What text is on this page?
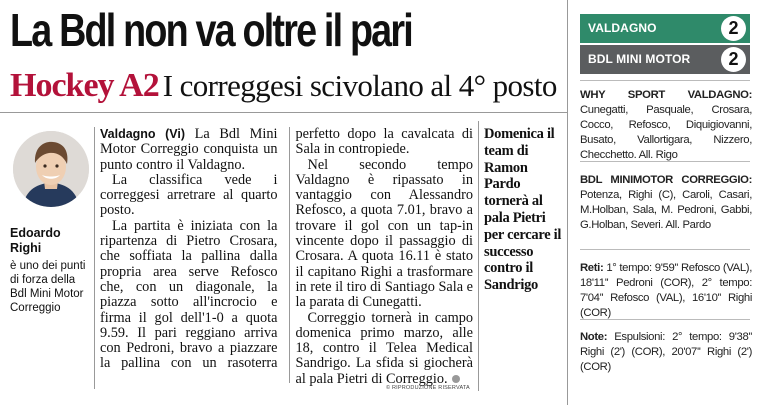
La Bdl non va oltre il pari
Hockey A2 I correggesi scivolano al 4° posto
Edoardo
Righi
è uno dei punti di forza della Bdl Mini Motor Correggio

Valdagno (Vi) La Bdl Mini Motor Correggio conquista un punto contro il Valdagno.

La classifica vede i correggesi arretrare al quarto posto.

La partita è iniziata con la ripartenza di Pietro Crosara, che soffiata la pallina dalla propria area serve Refosco che, con un diagonale, la piazza sotto all'incrocio e firma il gol dell'1-0 a quota 9.59. Il pari reggiano arriva con Pedroni, bravo a piazzare la pallina con un rasoterra perfetto dopo la cavalcata di Sala in contropiede.

Nel secondo tempo Valdagno è ripassato in vantaggio con Alessandro Refosco, a quota 7.01, bravo a trovare il gol con un tap-in vincente dopo il passaggio di Crosara. A quota 16.11 è stato il capitano Righi a trasformare in rete il tiro di Santiago Sala e la parata di Cunegatti.

Correggio tornerà in campo domenica primo marzo, alle 18, contro il Telea Medical Sandrigo. La sfida si giocherà al pala Pietri di Correggio.

Domenica il team di Ramon Pardo tornerà al pala Pietri per cercare il successo contro il Sandrigo
© RIPRODUZIONE RISERVATA
VALDAGNO	2
BDL MINI MOTOR	2
WHY SPORT VALDAGNO: Cunegatti, Pasquale, Crosara, Cocco, Refosco, Diquigiovanni, Busato, Vallortigara, Nizzero, Checchetto. All. Rigo
BDL MINIMOTOR CORREGGIO: Potenza, Righi (C), Caroli, Casari, M.Holban, Sala, M. Pedroni, Gabbi, G.Holban, Severi. All. Pardo
Reti: 1° tempo: 9'59'' Refosco (VAL), 18'11'' Pedroni (COR), 2° tempo: 7'04'' Refosco (VAL), 16'10'' Righi (COR)
Note: Espulsioni: 2° tempo: 9'38'' Righi (2') (COR), 20'07'' Righi (2') (COR)
